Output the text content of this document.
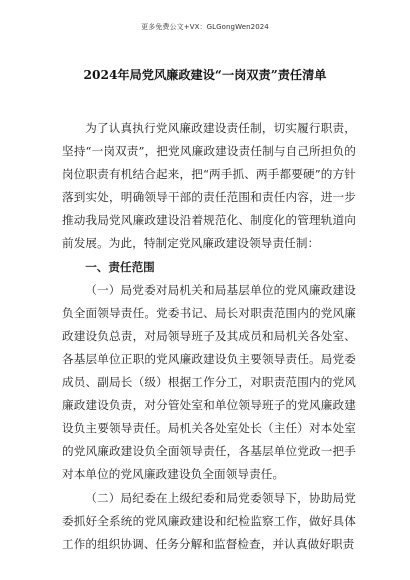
更多免费公文+VX：GLGongWen2024
2024年局党风廉政建设“一岗双责”责任清单

为了认真执行党风廉政建设责任制，切实履行职责，坚持“一岗双责”，把党风廉政建设责任制与自己所担负的岗位职责有机结合起来，把“两手抓、两手都要硬”的方针落到实处，明确领导干部的责任范围和责任内容，进一步推动我局党风廉政建设沿着规范化、制度化的管理轨道向前发展。为此，特制定党风廉政建设领导责任制：

一、责任范围

（一）局党委对局机关和局基层单位的党风廉政建设负全面领导责任。党委书记、局长对职责范围内的党风廉政建设负总责，对局领导班子及其成员和局机关各处室、各基层单位正职的党风廉政建设负主要领导责任。局党委成员、副局长（级）根据工作分工，对职责范围内的党风廉政建设负责，对分管处室和单位领导班子的党风廉政建设负主要领导责任。局机关各处室处长（主任）对本处室的党风廉政建设负全面领导责任，各基层单位党政一把手对本单位的党风廉政建设负全面领导责任。

（二）局纪委在上级纪委和局党委领导下，协助局党委抓好全系统的党风廉政建设和纪检监察工作，做好具体工作的组织协调、任务分解和监督检查，并认真做好职责
